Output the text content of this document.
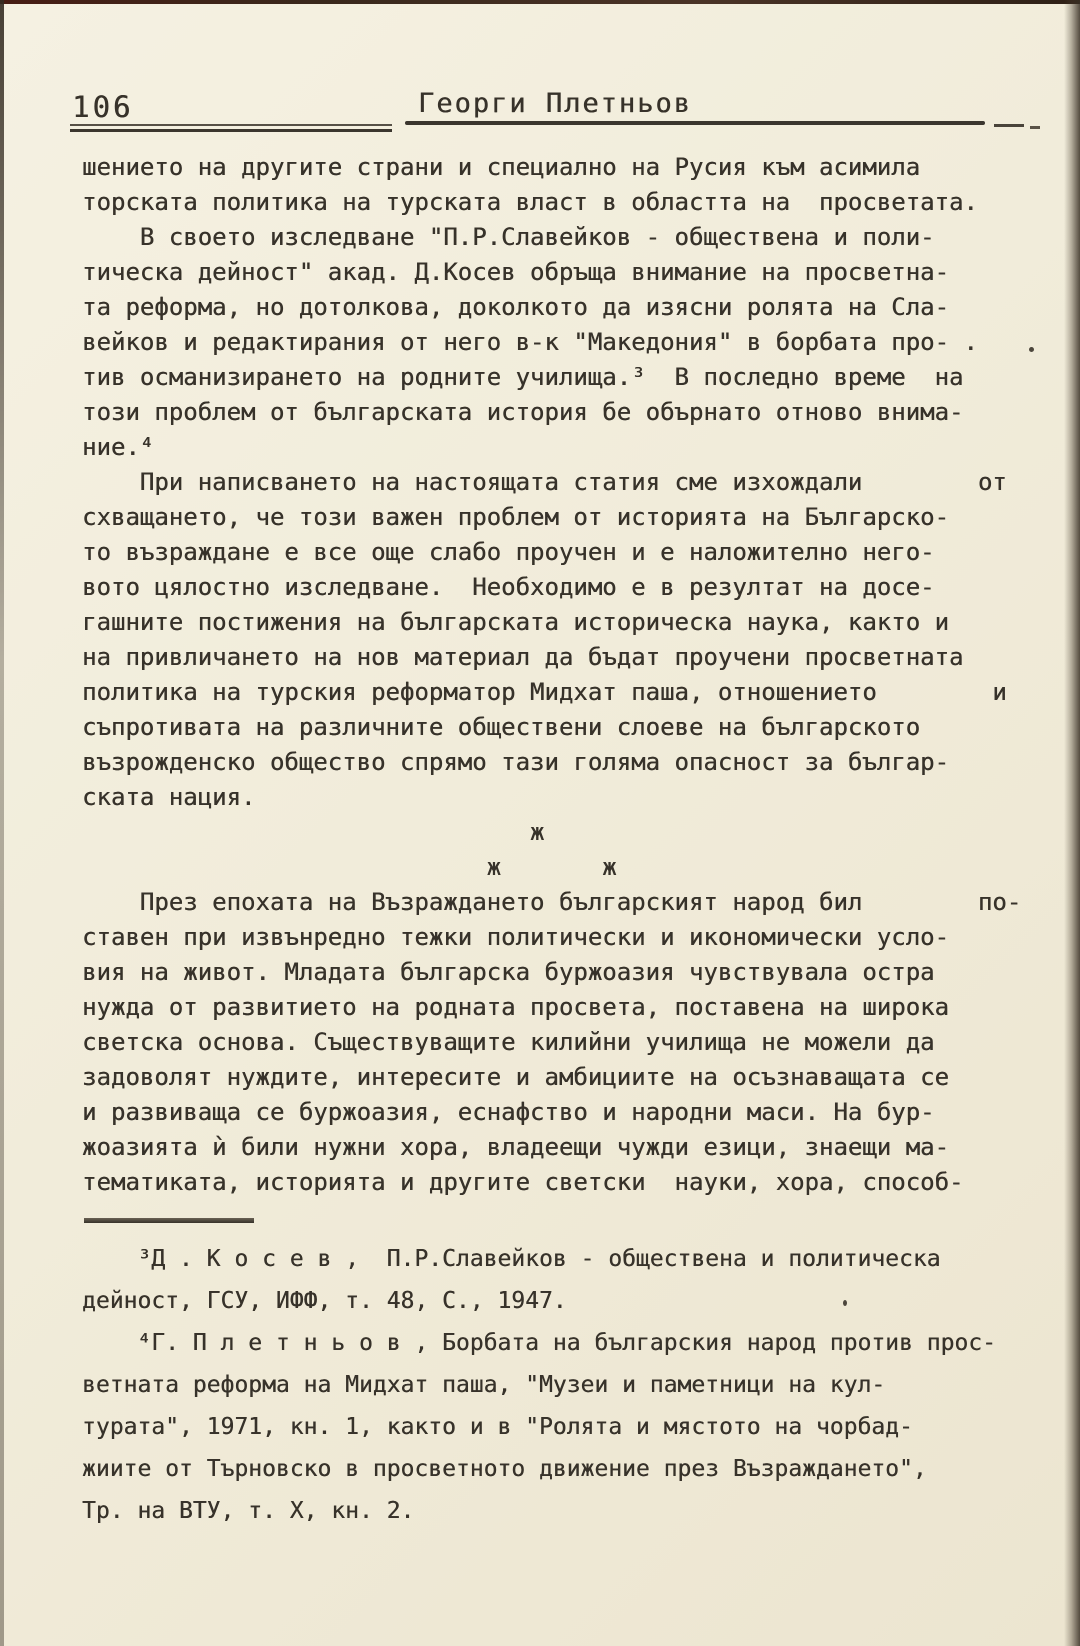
106	Георги Плетньов
шението на другите страни и специално на Русия към асимила
торската политика на турската власт в областта на  просветата.
В своето изследване "П.Р.Славейков - обществена и поли-
тическа дейност" акад. Д.Косев обръща внимание на просветна-
та реформа, но дотолкова, доколкото да изясни ролята на Сла-
вейков и редактирания от него в-к "Македония" в борбата про- .
тив османизирането на родните училища.³  В последно време  на
този проблем от българската история бе обърнато отново внима-
ние.⁴
При написването на настоящата статия сме изхождали        от
схващането, че този важен проблем от историята на Българско-
то възраждане е все още слабо проучен и е наложително него-
вото цялостно изследване.  Необходимо е в резултат на досе-
гашните постижения на българската историческа наука, както и
на привличането на нов материал да бъдат проучени просветната
политика на турския реформатор Мидхат паша, отношението        и
съпротивата на различните обществени слоеве на българското
възрожденско общество спрямо тази голяма опасност за българ-
ската нация.
ж
ж       ж
През епохата на Възраждането българският народ бил        по-
ставен при извънредно тежки политически и икономически усло-
вия на живот. Младата българска буржоазия чувствувала остра
нужда от развитието на родната просвета, поставена на широка
светска основа. Съществуващите килийни училища не можели да
задоволят нуждите, интересите и амбициите на осъзнаващата се
и развиваща се буржоазия, еснафство и народни маси. На бур-
жоазията ѝ били нужни хора, владеещи чужди езици, знаещи ма-
тематиката, историята и другите светски  науки, хора, способ-
³Д . К о с е в ,  П.Р.Славейков - обществена и политическа
дейност, ГСУ, ИФФ, т. 48, С., 1947.
⁴Г. П л е т н ь о в , Борбата на българския народ против прос-
ветната реформа на Мидхат паша, "Музеи и паметници на кул-
турата", 1971, кн. 1, както и в "Ролята и мястото на чорбад-
жиите от Търновско в просветното движение през Възраждането",
Тр. на ВТУ, т. Х, кн. 2.
